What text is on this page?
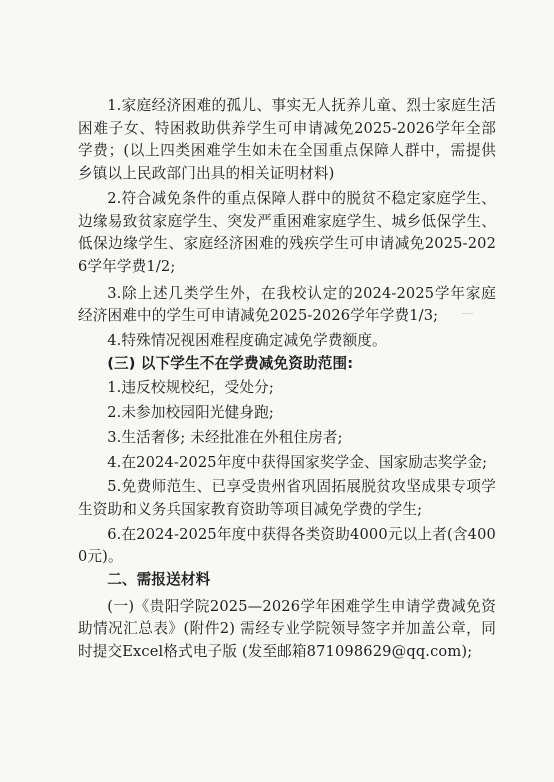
1.家庭经济困难的孤儿、事实无人抚养儿童、烈士家庭生活困难子女、特困救助供养学生可申请减免2025-2026学年全部学费；(以上四类困难学生如未在全国重点保障人群中，需提供乡镇以上民政部门出具的相关证明材料)

2.符合减免条件的重点保障人群中的脱贫不稳定家庭学生、边缘易致贫家庭学生、突发严重困难家庭学生、城乡低保学生、低保边缘学生、家庭经济困难的残疾学生可申请减免2025-2026学年学费1/2;

3.除上述几类学生外，在我校认定的2024-2025学年家庭经济困难中的学生可申请减免2025-2026学年学费1/3;

4.特殊情况视困难程度确定减免学费额度。

(三) 以下学生不在学费减免资助范围:

1.违反校规校纪，受处分;

2.未参加校园阳光健身跑;

3.生活奢侈; 未经批准在外租住房者;

4.在2024-2025年度中获得国家奖学金、国家励志奖学金;

5.免费师范生、已享受贵州省巩固拓展脱贫攻坚成果专项学生资助和义务兵国家教育资助等项目减免学费的学生;

6.在2024-2025年度中获得各类资助4000元以上者(含4000元)。

二、需报送材料

(一)《贵阳学院2025—2026学年困难学生申请学费减免资助情况汇总表》(附件2) 需经专业学院领导签字并加盖公章，同时提交Excel格式电子版 (发至邮箱871098629@qq.com);
